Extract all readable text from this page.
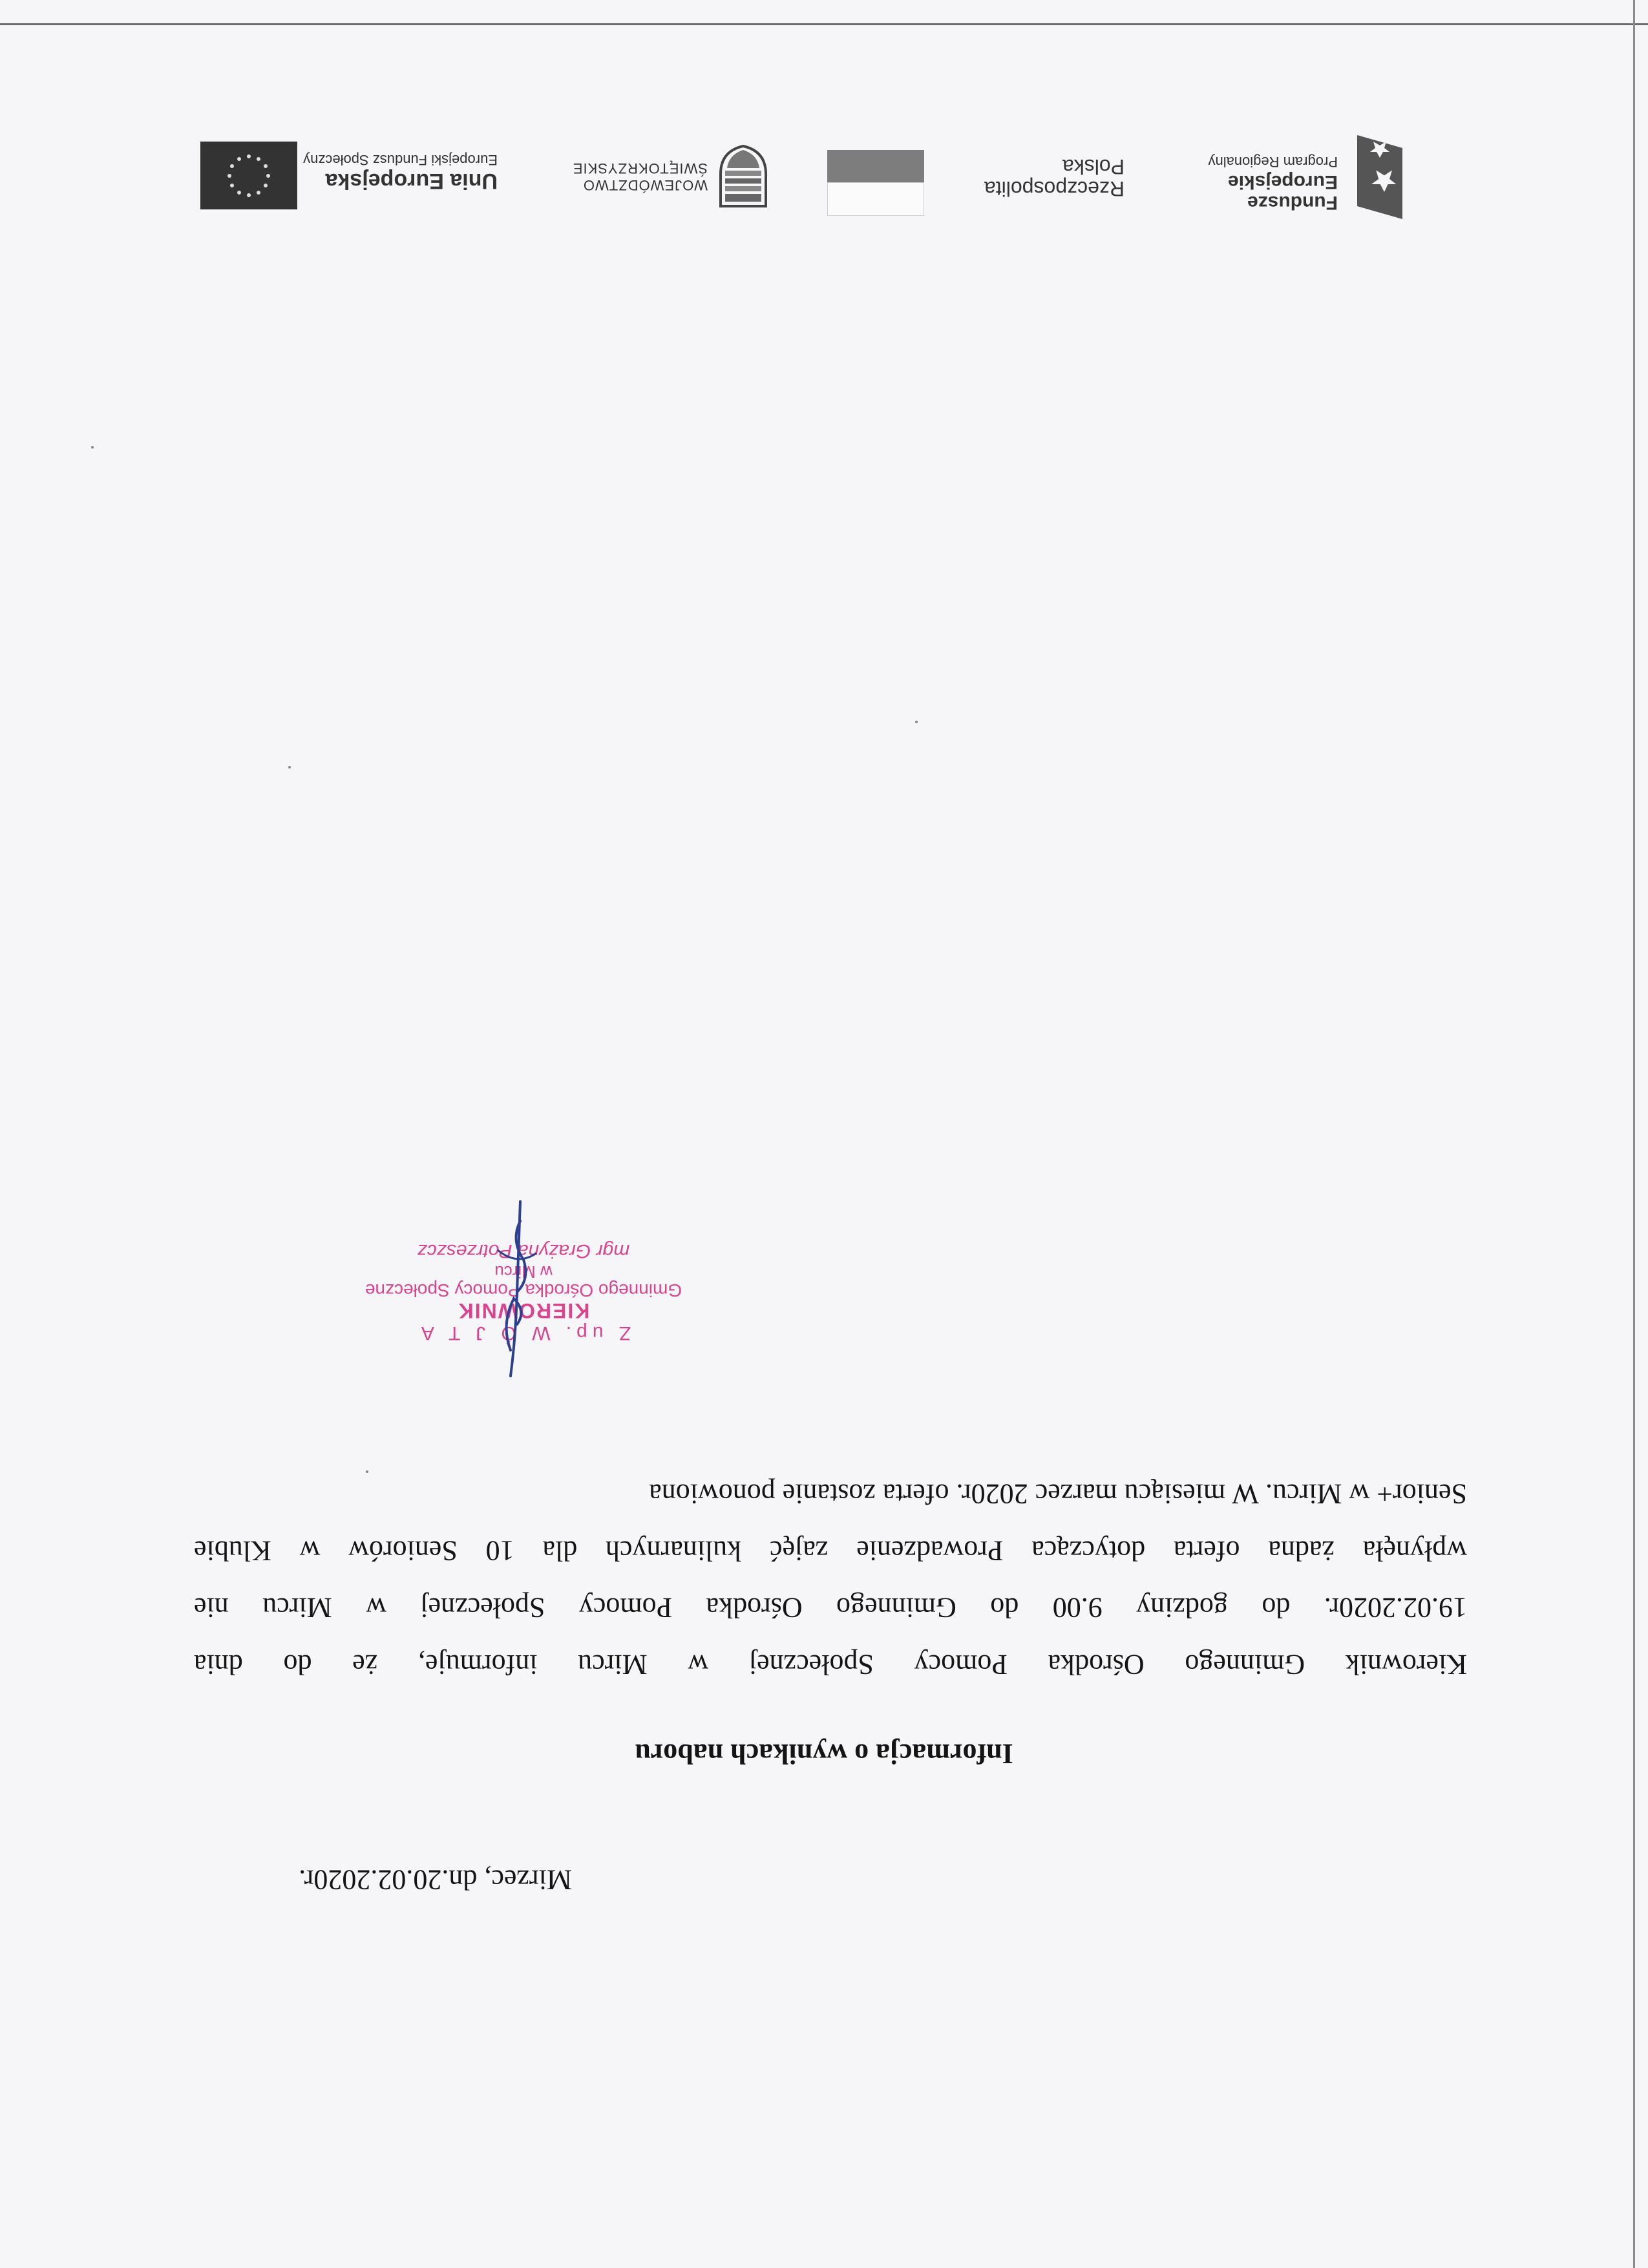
Fundusze
Europejskie
Program Regionalny
Rzeczpospolita
Polska
WOJEWÓDZTWO
ŚWIĘTOKRZYSKIE
Unia Europejska
Europejski Fundusz Społeczny
Mirzec, dn.20.02.2020r.
Informacja o wynikach naboru
Kierownik Gminnego Ośrodka Pomocy Społecznej w Mircu informuje, że do dnia
19.02.2020r. do godziny 9.00 do Gminnego Ośrodka Pomocy Społecznej w Mircu nie
wpłynęła żadna oferta dotycząca Prowadzenie zajęć kulinarnych dla 10 Seniorów w Klubie
Senior+ w Mircu. W miesiącu marzec 2020r. oferta zostanie ponowiona
Z up. W Ó J T A
KIEROWNIK
Gminnego Ośrodka Pomocy Społeczne
w Mircu
mgr Grażyna Potrzeszcz
